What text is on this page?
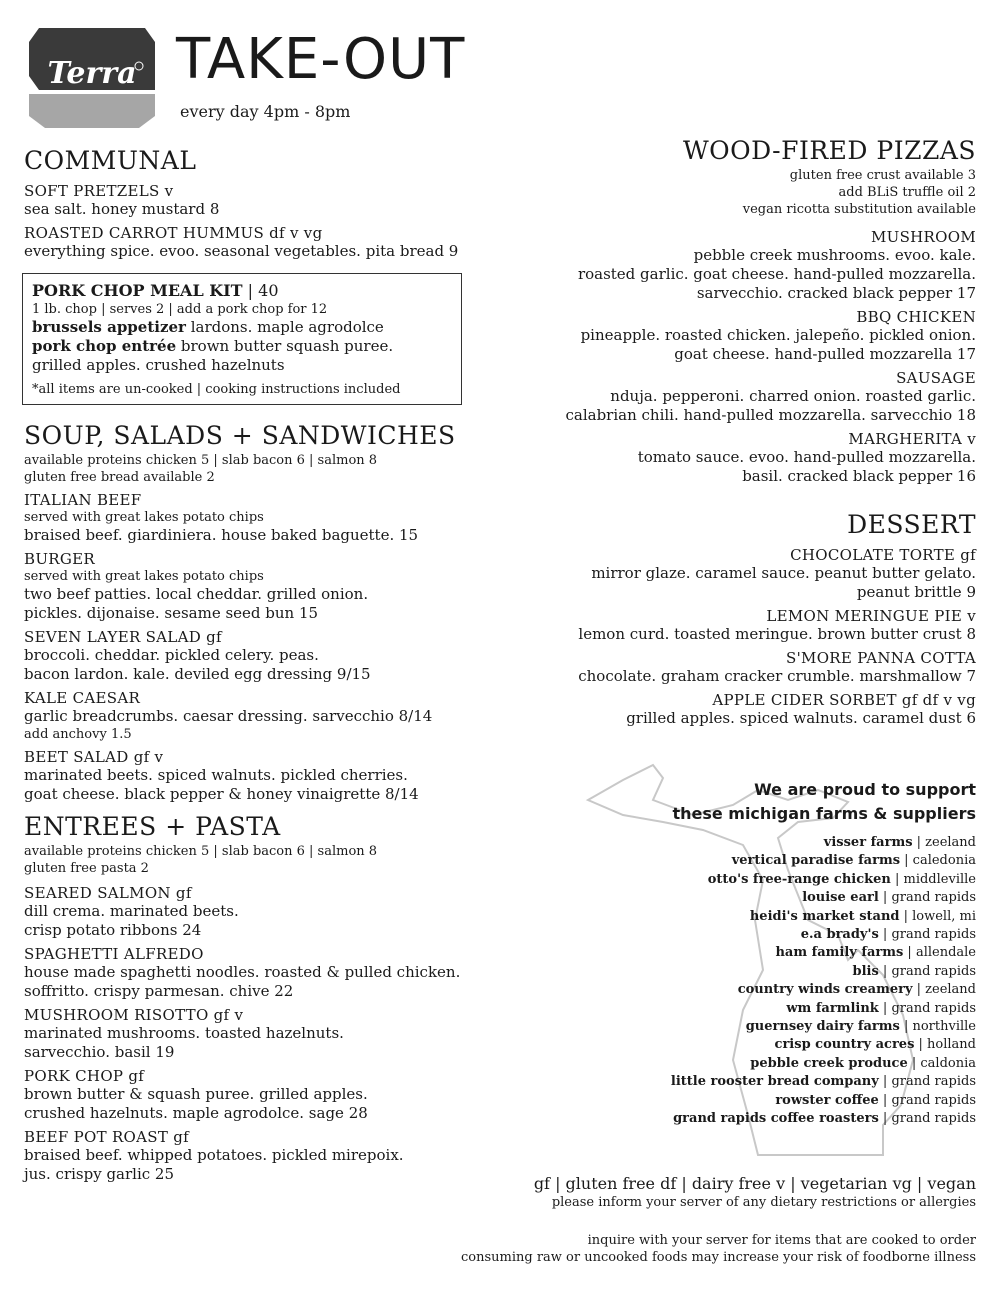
Terra TAKE-OUT
every day 4pm - 8pm
COMMUNAL
SOFT PRETZELS v
sea salt. honey mustard 8
ROASTED CARROT HUMMUS df v vg
everything spice. evoo. seasonal vegetables. pita bread 9
PORK CHOP MEAL KIT | 40
1 lb. chop | serves 2 | add a pork chop for 12
brussels appetizer lardons. maple agrodolce
pork chop entrée brown butter squash puree.
grilled apples. crushed hazelnuts
*all items are un-cooked | cooking instructions included
SOUP, SALADS + SANDWICHES
available proteins chicken 5 | slab bacon 6 | salmon 8
gluten free bread available 2
ITALIAN BEEF
served with great lakes potato chips
braised beef. giardiniera. house baked baguette. 15
BURGER
served with great lakes potato chips
two beef patties. local cheddar. grilled onion.
pickles. dijonaise. sesame seed bun 15
SEVEN LAYER SALAD gf
broccoli. cheddar. pickled celery. peas.
bacon lardon. kale. deviled egg dressing 9/15
KALE CAESAR
garlic breadcrumbs. caesar dressing. sarvecchio 8/14
add anchovy 1.5
BEET SALAD gf v
marinated beets. spiced walnuts. pickled cherries.
goat cheese. black pepper & honey vinaigrette 8/14
ENTREES + PASTA
available proteins chicken 5 | slab bacon 6 | salmon 8
gluten free pasta 2
SEARED SALMON gf
dill crema. marinated beets.
crisp potato ribbons 24
SPAGHETTI ALFREDO
house made spaghetti noodles. roasted & pulled chicken.
soffritto. crispy parmesan. chive 22
MUSHROOM RISOTTO gf v
marinated mushrooms. toasted hazelnuts.
sarvecchio. basil 19
PORK CHOP gf
brown butter & squash puree. grilled apples.
crushed hazelnuts. maple agrodolce. sage 28
BEEF POT ROAST gf
braised beef. whipped potatoes. pickled mirepoix.
jus. crispy garlic 25
WOOD-FIRED PIZZAS
gluten free crust available 3
add BLiS truffle oil 2
vegan ricotta substitution available
MUSHROOM
pebble creek mushrooms. evoo. kale.
roasted garlic. goat cheese. hand-pulled mozzarella.
sarvecchio. cracked black pepper 17
BBQ CHICKEN
pineapple. roasted chicken. jalepeño. pickled onion.
goat cheese. hand-pulled mozzarella 17
SAUSAGE
nduja. pepperoni. charred onion. roasted garlic.
calabrian chili. hand-pulled mozzarella. sarvecchio 18
MARGHERITA v
tomato sauce. evoo. hand-pulled mozzarella.
basil. cracked black pepper 16
DESSERT
CHOCOLATE TORTE gf
mirror glaze. caramel sauce. peanut butter gelato.
peanut brittle 9
LEMON MERINGUE PIE v
lemon curd. toasted meringue. brown butter crust 8
S'MORE PANNA COTTA
chocolate. graham cracker crumble. marshmallow 7
APPLE CIDER SORBET gf df v vg
grilled apples. spiced walnuts. caramel dust 6
We are proud to support
these michigan farms & suppliers
visser farms | zeeland
vertical paradise farms | caledonia
otto's free-range chicken | middleville
louise earl | grand rapids
heidi's market stand | lowell, mi
e.a brady's | grand rapids
ham family farms | allendale
blis | grand rapids
country winds creamery | zeeland
wm farmlink | grand rapids
guernsey dairy farms | northville
crisp country acres | holland
pebble creek produce | caldonia
little rooster bread company | grand rapids
rowster coffee | grand rapids
grand rapids coffee roasters | grand rapids
gf | gluten free df | dairy free v | vegetarian vg | vegan
please inform your server of any dietary restrictions or allergies
inquire with your server for items that are cooked to order
consuming raw or uncooked foods may increase your risk of foodborne illness
